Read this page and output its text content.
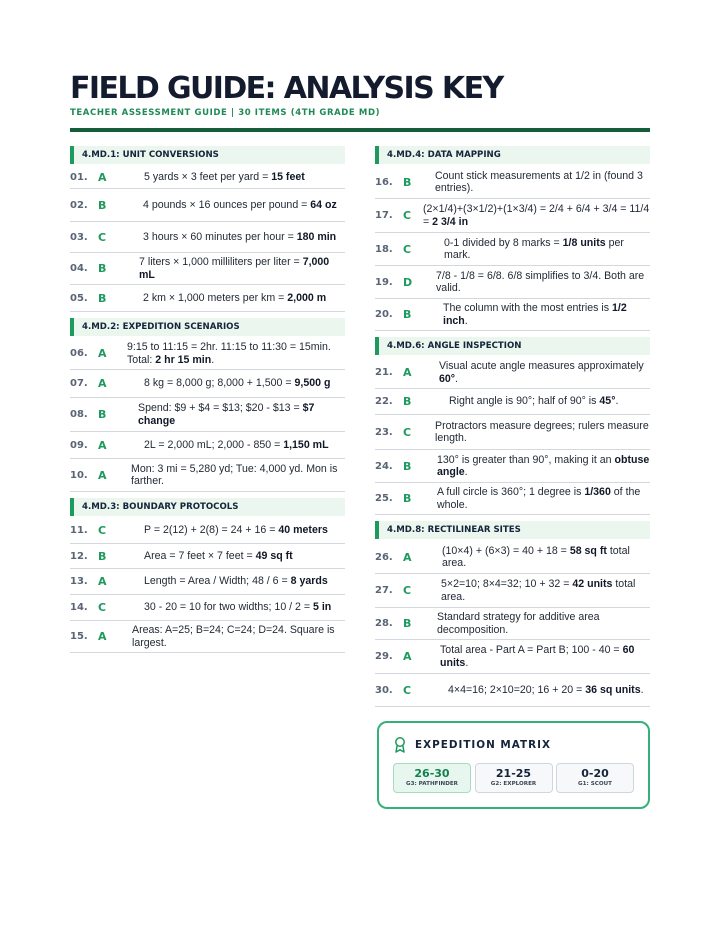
FIELD GUIDE: ANALYSIS KEY
TEACHER ASSESSMENT GUIDE | 30 ITEMS (4TH GRADE MD)
4.MD.1: UNIT CONVERSIONS
01. A	5 yards × 3 feet per yard = 15 feet
02. B	4 pounds × 16 ounces per pound = 64 oz
03. C	3 hours × 60 minutes per hour = 180 min
04. B	7 liters × 1,000 milliliters per liter = 7,000 mL
05. B	2 km × 1,000 meters per km = 2,000 m
4.MD.2: EXPEDITION SCENARIOS
06. A	9:15 to 11:15 = 2hr. 11:15 to 11:30 = 15min. Total: 2 hr 15 min.
07. A	8 kg = 8,000 g; 8,000 + 1,500 = 9,500 g
08. B	Spend: $9 + $4 = $13; $20 - $13 = $7 change
09. A	2L = 2,000 mL; 2,000 - 850 = 1,150 mL
10. A	Mon: 3 mi = 5,280 yd; Tue: 4,000 yd. Mon is farther.
4.MD.3: BOUNDARY PROTOCOLS
11. C	P = 2(12) + 2(8) = 24 + 16 = 40 meters
12. B	Area = 7 feet × 7 feet = 49 sq ft
13. A	Length = Area / Width; 48 / 6 = 8 yards
14. C	30 - 20 = 10 for two widths; 10 / 2 = 5 in
15. A	Areas: A=25; B=24; C=24; D=24. Square is largest.
4.MD.4: DATA MAPPING
16. B	Count stick measurements at 1/2 in (found 3 entries).
17. C	(2×1/4)+(3×1/2)+(1×3/4) = 2/4 + 6/4 + 3/4 = 11/4 = 2 3/4 in
18. C	0-1 divided by 8 marks = 1/8 units per mark.
19. D	7/8 - 1/8 = 6/8. 6/8 simplifies to 3/4. Both are valid.
20. B	The column with the most entries is 1/2 inch.
4.MD.6: ANGLE INSPECTION
21. A	Visual acute angle measures approximately 60°.
22. B	Right angle is 90°; half of 90° is 45°.
23. C	Protractors measure degrees; rulers measure length.
24. B	130° is greater than 90°, making it an obtuse angle.
25. B	A full circle is 360°; 1 degree is 1/360 of the whole.
4.MD.8: RECTILINEAR SITES
26. A	(10×4) + (6×3) = 40 + 18 = 58 sq ft total area.
27. C	5×2=10; 8×4=32; 10 + 32 = 42 units total area.
28. B	Standard strategy for additive area decomposition.
29. A	Total area - Part A = Part B; 100 - 40 = 60 units.
30. C	4×4=16; 2×10=20; 16 + 20 = 36 sq units.
EXPEDITION MATRIX
26-30
G3: PATHFINDER
21-25
G2: EXPLORER
0-20
G1: SCOUT
